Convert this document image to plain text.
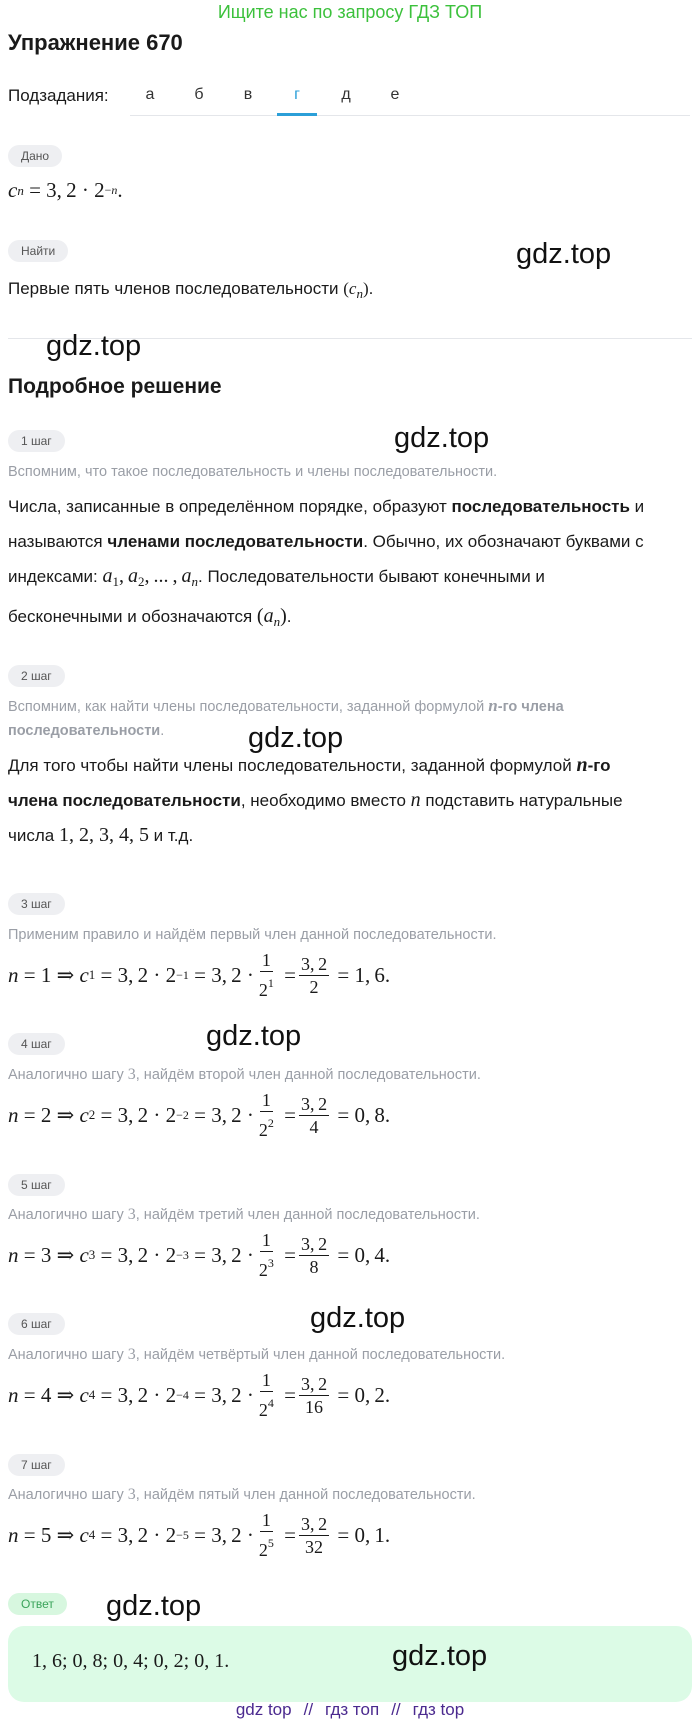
Ищите нас по запросу ГДЗ ТОП
Упражнение 670
Подзадания:	а	б	в	г	д	е
Дано
c n = 3, 2 · 2 −n .
Найти
Первые пять членов последовательности $(c_n)$.
Подробное решение
1 шаг
Вспомним, что такое последовательность и члены последовательности.
Числа, записанные в определённом порядке, образуют последовательность и
называются членами последовательности. Обычно, их обозначают буквами с
индексами: $a_1$, $a_2$, ... , $a_n$. Последовательности бывают конечными и
бесконечными и обозначаются $(a_n)$.
2 шаг
Вспомним, как найти члены последовательности, заданной формулой n-го члена
последовательности.
Для того чтобы найти члены последовательности, заданной формулой n-го
члена последовательности, необходимо вместо n подставить натуральные
числа 1, 2, 3, 4, 5 и т.д.
3 шаг
Применим правило и найдём первый член данной последовательности.
n = 1 ⇒ c 1 = 3, 2 · 2 −1 = 3, $2 \cdot \frac{1}{2^1} = \frac{3, 2}{2} = 1$, 6.
4 шаг
Аналогично шагу 3, найдём второй член данной последовательности.
n = 2 ⇒ c 2 = 3, 2 · 2 −2 = 3, $2 \cdot \frac{1}{2^2} = \frac{3, 2}{4} = 0$, 8.
5 шаг
Аналогично шагу 3, найдём третий член данной последовательности.
n = 3 ⇒ c 3 = 3, 2 · 2 −3 = 3, $2 \cdot \frac{1}{2^3} = \frac{3, 2}{8} = 0$, 4.
6 шаг
Аналогично шагу 3, найдём четвёртый член данной последовательности.
n = 4 ⇒ c 4 = 3, 2 · 2 −4 = 3, $2 \cdot \frac{1}{2^4} = \frac{3, 2}{16} = 0$, 2.
7 шаг
Аналогично шагу 3, найдём пятый член данной последовательности.
n = 5 ⇒ c 4 = 3, 2 · 2 −5 = 3, $2 \cdot \frac{1}{2^5} = \frac{3, 2}{32} = 0$, 1.
Ответ
1, 6; 0, 8; 0, 4; 0, 2; 0, 1.
gdz.top
gdz.top
gdz.top
gdz.top
gdz.top
gdz.top
gdz.top
gdz.top
gdz top // гдз топ // гдз top
